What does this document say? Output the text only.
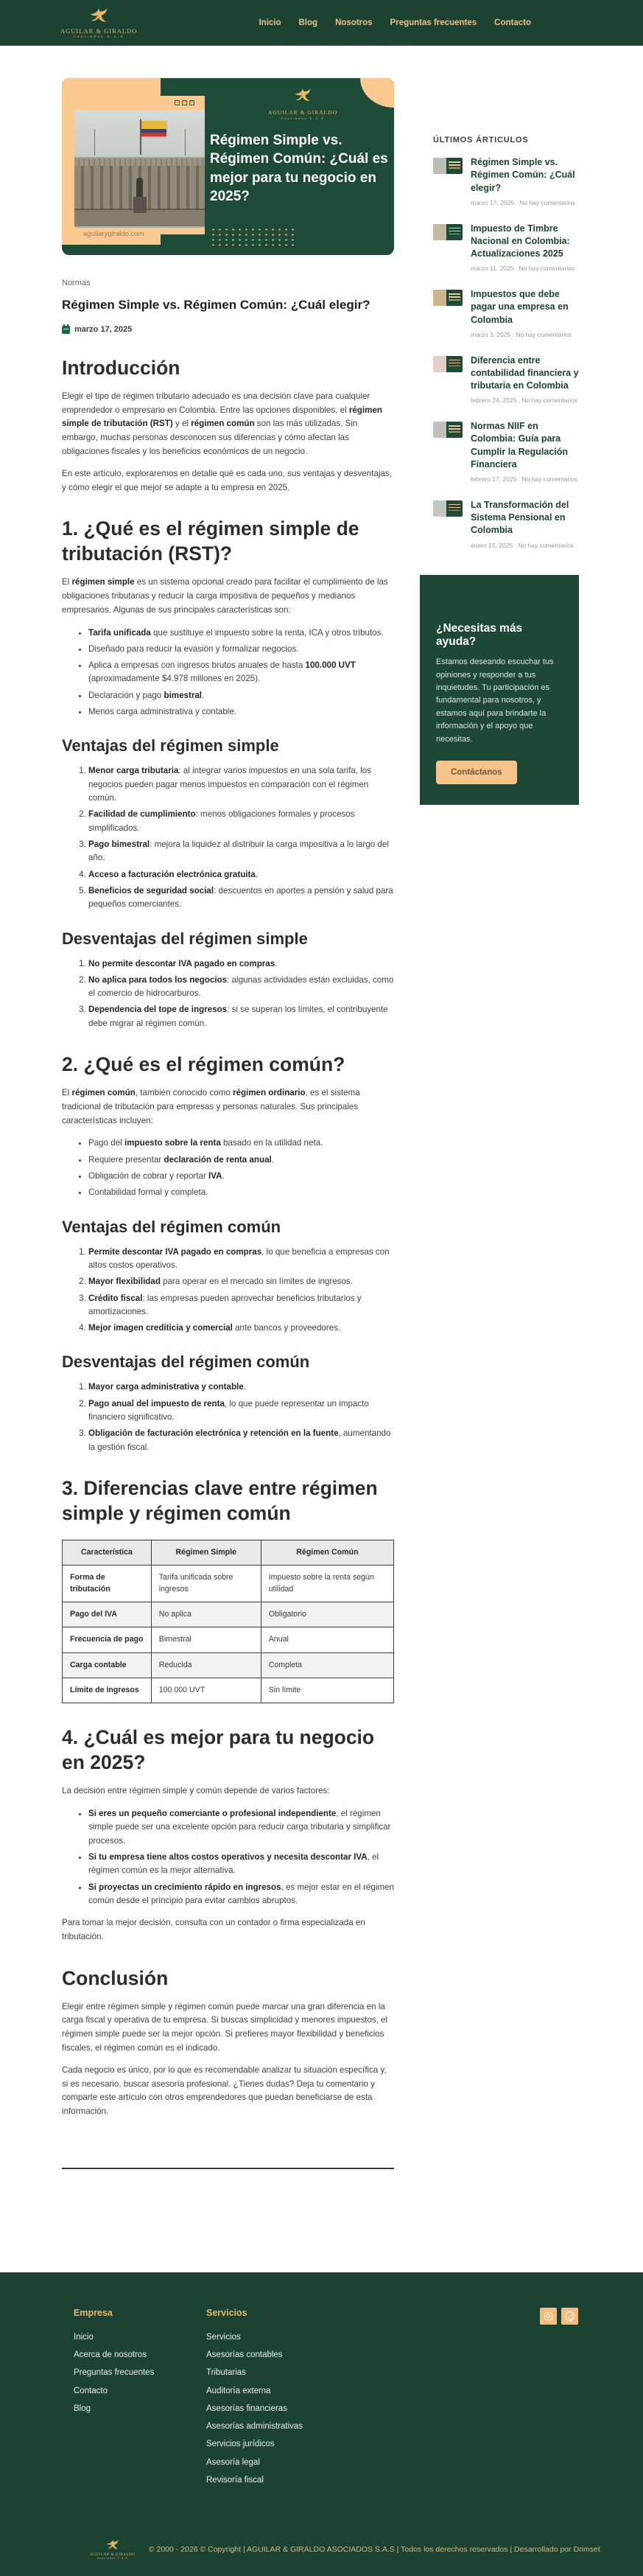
AGUILAR & GIRALDO
Asociados S.A.S
Inicio Blog Nosotros Preguntas frecuentes Contacto
–	□	×
aguilarygiraldo.com
AGUILAR & GIRALDO
Asociados S.A.S
Régimen Simple vs. Régimen Común: ¿Cuál es mejor para tu negocio en 2025?
Normas
Régimen Simple vs. Régimen Común: ¿Cuál elegir?
marzo 17, 2025
Introducción

Elegir el tipo de régimen tributario adecuado es una decisión clave para cualquier emprendedor o empresario en Colombia. Entre las opciones disponibles, el régimen simple de tributación (RST) y el régimen común son las más utilizadas. Sin embargo, muchas personas desconocen sus diferencias y cómo afectan las obligaciones fiscales y los beneficios económicos de un negocio.

En este artículo, exploraremos en detalle qué es cada uno, sus ventajas y desventajas, y cómo elegir el que mejor se adapte a tu empresa en 2025.

1. ¿Qué es el régimen simple de tributación (RST)?

El régimen simple es un sistema opcional creado para facilitar el cumplimiento de las obligaciones tributarias y reducir la carga impositiva de pequeños y medianos empresarios. Algunas de sus principales características son:

• Tarifa unificada que sustituye el impuesto sobre la renta, ICA y otros tributos.
• Diseñado para reducir la evasión y formalizar negocios.
• Aplica a empresas con ingresos brutos anuales de hasta 100.000 UVT (aproximadamente $4.978 millones en 2025).
• Declaración y pago bimestral.
• Menos carga administrativa y contable.
Ventajas del régimen simple
1. Menor carga tributaria: al integrar varios impuestos en una sola tarifa, los negocios pueden pagar menos impuestos en comparación con el régimen común.
2. Facilidad de cumplimiento: menos obligaciones formales y procesos simplificados.
3. Pago bimestral: mejora la liquidez al distribuir la carga impositiva a lo largo del año.
4. Acceso a facturación electrónica gratuita.
5. Beneficios de seguridad social: descuentos en aportes a pensión y salud para pequeños comerciantes.
Desventajas del régimen simple
1. No permite descontar IVA pagado en compras.
2. No aplica para todos los negocios: algunas actividades están excluidas, como el comercio de hidrocarburos.
3. Dependencia del tope de ingresos: si se superan los límites, el contribuyente debe migrar al régimen común.
2. ¿Qué es el régimen común?

El régimen común, también conocido como régimen ordinario, es el sistema tradicional de tributación para empresas y personas naturales. Sus principales características incluyen:

• Pago del impuesto sobre la renta basado en la utilidad neta.
• Requiere presentar declaración de renta anual.
• Obligación de cobrar y reportar IVA.
• Contabilidad formal y completa.
Ventajas del régimen común
1. Permite descontar IVA pagado en compras, lo que beneficia a empresas con altos costos operativos.
2. Mayor flexibilidad para operar en el mercado sin límites de ingresos.
3. Crédito fiscal: las empresas pueden aprovechar beneficios tributarios y amortizaciones.
4. Mejor imagen crediticia y comercial ante bancos y proveedores.
Desventajas del régimen común
1. Mayor carga administrativa y contable.
2. Pago anual del impuesto de renta, lo que puede representar un impacto financiero significativo.
3. Obligación de facturación electrónica y retención en la fuente, aumentando la gestión fiscal.
3. Diferencias clave entre régimen simple y régimen común
Característica	Régimen Simple	Régimen Común
Forma de tributación	Tarifa unificada sobre ingresos	Impuesto sobre la renta según utilidad
Pago del IVA	No aplica	Obligatorio
Frecuencia de pago	Bimestral	Anual
Carga contable	Reducida	Completa
Límite de ingresos	100.000 UVT	Sin límite
4. ¿Cuál es mejor para tu negocio en 2025?

La decisión entre régimen simple y común depende de varios factores:

• Si eres un pequeño comerciante o profesional independiente, el régimen simple puede ser una excelente opción para reducir carga tributaria y simplificar procesos.
• Si tu empresa tiene altos costos operativos y necesita descontar IVA, el régimen común es la mejor alternativa.
• Si proyectas un crecimiento rápido en ingresos, es mejor estar en el régimen común desde el principio para evitar cambios abruptos.

Para tomar la mejor decisión, consulta con un contador o firma especializada en tributación.

Conclusión

Elegir entre régimen simple y régimen común puede marcar una gran diferencia en la carga fiscal y operativa de tu empresa. Si buscas simplicidad y menores impuestos, el régimen simple puede ser la mejor opción. Si prefieres mayor flexibilidad y beneficios fiscales, el régimen común es el indicado.

Cada negocio es único, por lo que es recomendable analizar tu situación específica y, si es necesario, buscar asesoría profesional. ¿Tienes dudas? Deja tu comentario y comparte este artículo con otros emprendedores que puedan beneficiarse de esta información.

ÚLTIMOS ÁRTICULOS
Régimen Simple vs. Régimen Común: ¿Cuál elegir?
marzo 17, 2025 . No hay comentarios
Impuesto de Timbre Nacional en Colombia: Actualizaciones 2025
marzo 11, 2025 . No hay comentarios
Impuestos que debe pagar una empresa en Colombia
marzo 3, 2025 . No hay comentarios
Diferencia entre contabilidad financiera y tributaria en Colombia
febrero 24, 2025 . No hay comentarios
Normas NIIF en Colombia: Guía para Cumplir la Regulación Financiera
febrero 17, 2025 . No hay comentarios
La Transformación del Sistema Pensional en Colombia
enero 15, 2025 . No hay comentarios
¿Necesitas más ayuda?
Estamos deseando escuchar tus opiniones y responder a tus inquietudes. Tu participación es fundamental para nosotros, y estamos aquí para brindarte la información y el apoyo que necesitas.
Contáctanos
Empresa
Inicio
Acerca de nosotros
Preguntas frecuentes
Contacto
Blog
Servicios
Servicios
Asesorías contables
Tributarias
Auditoría externa
Asesorías financieras
Asesorías administrativas
Servicios jurídicos
Asesoría legal
Revisoría fiscal
AGUILAR & GIRALDO
Asociados S.A.S
© 2000 - 2026 © Copyright | AGUILAR & GIRALDO ASOCIADOS S.A.S | Todos los derechos reservados | Desarrollado por Drimset
